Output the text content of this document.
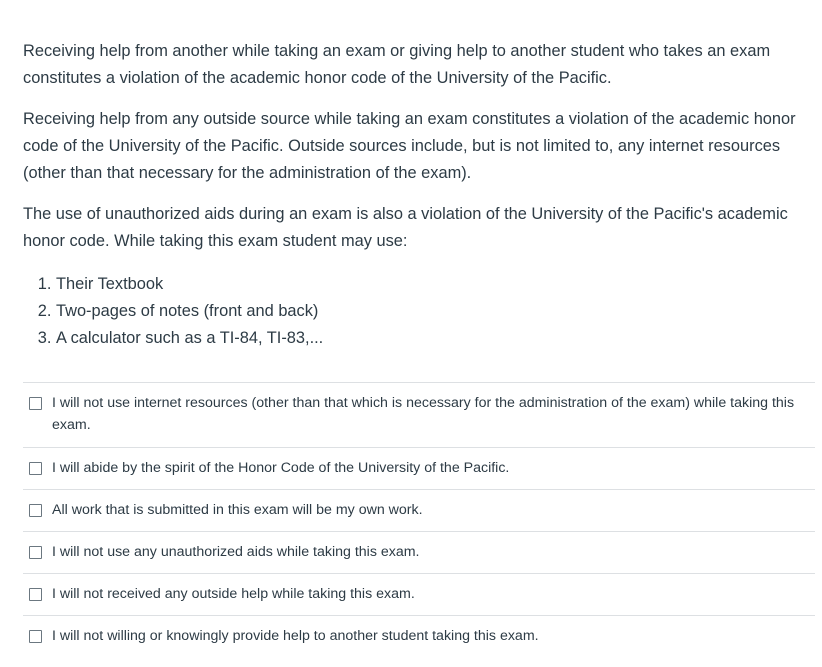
Receiving help from another while taking an exam or giving help to another student who takes an exam constitutes a violation of the academic honor code of the University of the Pacific.

Receiving help from any outside source while taking an exam constitutes a violation of the academic honor code of the University of the Pacific. Outside sources include, but is not limited to, any internet resources (other than that necessary for the administration of the exam).

The use of unauthorized aids during an exam is also a violation of the University of the Pacific's academic honor code. While taking this exam student may use:

1. Their Textbook
2. Two-pages of notes (front and back)
3. A calculator such as a TI-84, TI-83,...
I will not use internet resources (other than that which is necessary for the administration of the exam) while taking this exam.
I will abide by the spirit of the Honor Code of the University of the Pacific.
All work that is submitted in this exam will be my own work.
I will not use any unauthorized aids while taking this exam.
I will not received any outside help while taking this exam.
I will not willing or knowingly provide help to another student taking this exam.
